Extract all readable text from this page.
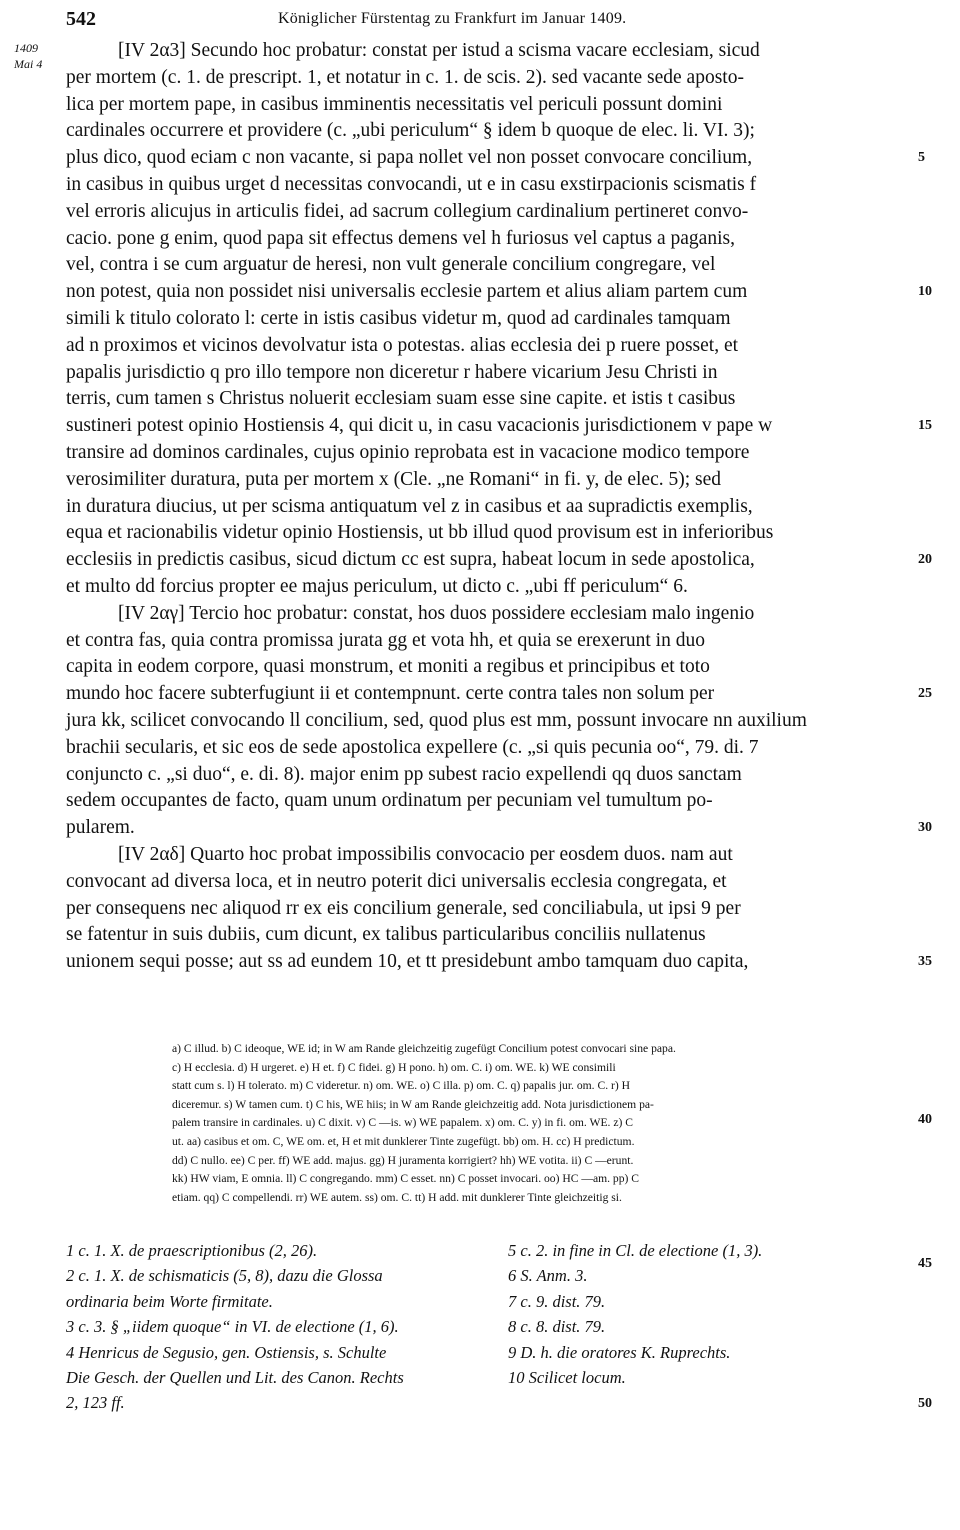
542	Königlicher Fürstentag zu Frankfurt im Januar 1409.
1409
Mai 4
[IV 2α3] Secundo hoc probatur: constat per istud a scisma vacare ecclesiam, sicud
per mortem (c. 1. de prescript. 1, et notatur in c. 1. de scis. 2). sed vacante sede aposto-
lica per mortem pape, in casibus imminentis necessitatis vel periculi possunt domini
cardinales occurrere et providere (c. „ubi periculum“ § idem b quoque de elec. li. VI. 3);
plus dico, quod eciam c non vacante, si papa nollet vel non posset convocare concilium,
in casibus in quibus urget d necessitas convocandi, ut e in casu exstirpacionis scismatis f
vel erroris alicujus in articulis fidei, ad sacrum collegium cardinalium pertineret convo-
cacio. pone g enim, quod papa sit effectus demens vel h furiosus vel captus a paganis,
vel, contra i se cum arguatur de heresi, non vult generale concilium congregare, vel
non potest, quia non possidet nisi universalis ecclesie partem et alius aliam partem cum
simili k titulo colorato l: certe in istis casibus videtur m, quod ad cardinales tamquam
ad n proximos et vicinos devolvatur ista o potestas. alias ecclesia dei p ruere posset, et
papalis jurisdictio q pro illo tempore non diceretur r habere vicarium Jesu Christi in
terris, cum tamen s Christus noluerit ecclesiam suam esse sine capite. et istis t casibus
sustineri potest opinio Hostiensis 4, qui dicit u, in casu vacacionis jurisdictionem v pape w
transire ad dominos cardinales, cujus opinio reprobata est in vacacione modico tempore
verosimiliter duratura, puta per mortem x (Cle. „ne Romani“ in fi. y, de elec. 5); sed
in duratura diucius, ut per scisma antiquatum vel z in casibus et aa supradictis exemplis,
equa et racionabilis videtur opinio Hostiensis, ut bb illud quod provisum est in inferioribus
ecclesiis in predictis casibus, sicud dictum cc est supra, habeat locum in sede apostolica,
et multo dd forcius propter ee majus periculum, ut dicto c. „ubi ff periculum“ 6.
[IV 2αγ] Tercio hoc probatur: constat, hos duos possidere ecclesiam malo ingenio
et contra fas, quia contra promissa jurata gg et vota hh, et quia se erexerunt in duo
capita in eodem corpore, quasi monstrum, et moniti a regibus et principibus et toto
mundo hoc facere subterfugiunt ii et contempnunt. certe contra tales non solum per
jura kk, scilicet convocando ll concilium, sed, quod plus est mm, possunt invocare nn auxilium
brachii secularis, et sic eos de sede apostolica expellere (c. „si quis pecunia oo“, 79. di. 7
conjuncto c. „si duo“, e. di. 8). major enim pp subest racio expellendi qq duos sanctam
sedem occupantes de facto, quam unum ordinatum per pecuniam vel tumultum po-
pularem.
[IV 2αδ] Quarto hoc probat impossibilis convocacio per eosdem duos. nam aut
convocant ad diversa loca, et in neutro poterit dici universalis ecclesia congregata, et
per consequens nec aliquod rr ex eis concilium generale, sed conciliabula, ut ipsi 9 per
se fatentur in suis dubiis, cum dicunt, ex talibus particularibus conciliis nullatenus
unionem sequi posse; aut ss ad eundem 10, et tt presidebunt ambo tamquam duo capita,
5
10
15
20
25
30
35
a) C illud. b) C ideoque, WE id; in W am Rande gleichzeitig zugefügt Concilium potest convocari sine papa.
c) H ecclesia. d) H urgeret. e) H et. f) C fidei. g) H pono. h) om. C. i) om. WE. k) WE consimili
statt cum s. l) H tolerato. m) C videretur. n) om. WE. o) C illa. p) om. C. q) papalis jur. om. C. r) H
diceremur. s) W tamen cum. t) C his, WE hiis; in W am Rande gleichzeitig add. Nota jurisdictionem pa-
palem transire in cardinales. u) C dixit. v) C —is. w) WE papalem. x) om. C. y) in fi. om. WE. z) C
ut. aa) casibus et om. C, WE om. et, H et mit dunklerer Tinte zugefügt. bb) om. H. cc) H predictum.
dd) C nullo. ee) C per. ff) WE add. majus. gg) H juramenta korrigiert? hh) WE votita. ii) C —erunt.
kk) HW viam, E omnia. ll) C congregando. mm) C esset. nn) C posset invocari. oo) HC —am. pp) C
etiam. qq) C compellendi. rr) WE autem. ss) om. C. tt) H add. mit dunklerer Tinte gleichzeitig si.
40
1 c. 1. X. de praescriptionibus (2, 26).
2 c. 1. X. de schismaticis (5, 8), dazu die Glossa
ordinaria beim Worte firmitate.
3 c. 3. § „iidem quoque“ in VI. de electione (1, 6).
4 Henricus de Segusio, gen. Ostiensis, s. Schulte
Die Gesch. der Quellen und Lit. des Canon. Rechts
2, 123 ff.
5 c. 2. in fine in Cl. de electione (1, 3).
6 S. Anm. 3.
7 c. 9. dist. 79.
8 c. 8. dist. 79.
9 D. h. die oratores K. Ruprechts.
10 Scilicet locum.
45
50
